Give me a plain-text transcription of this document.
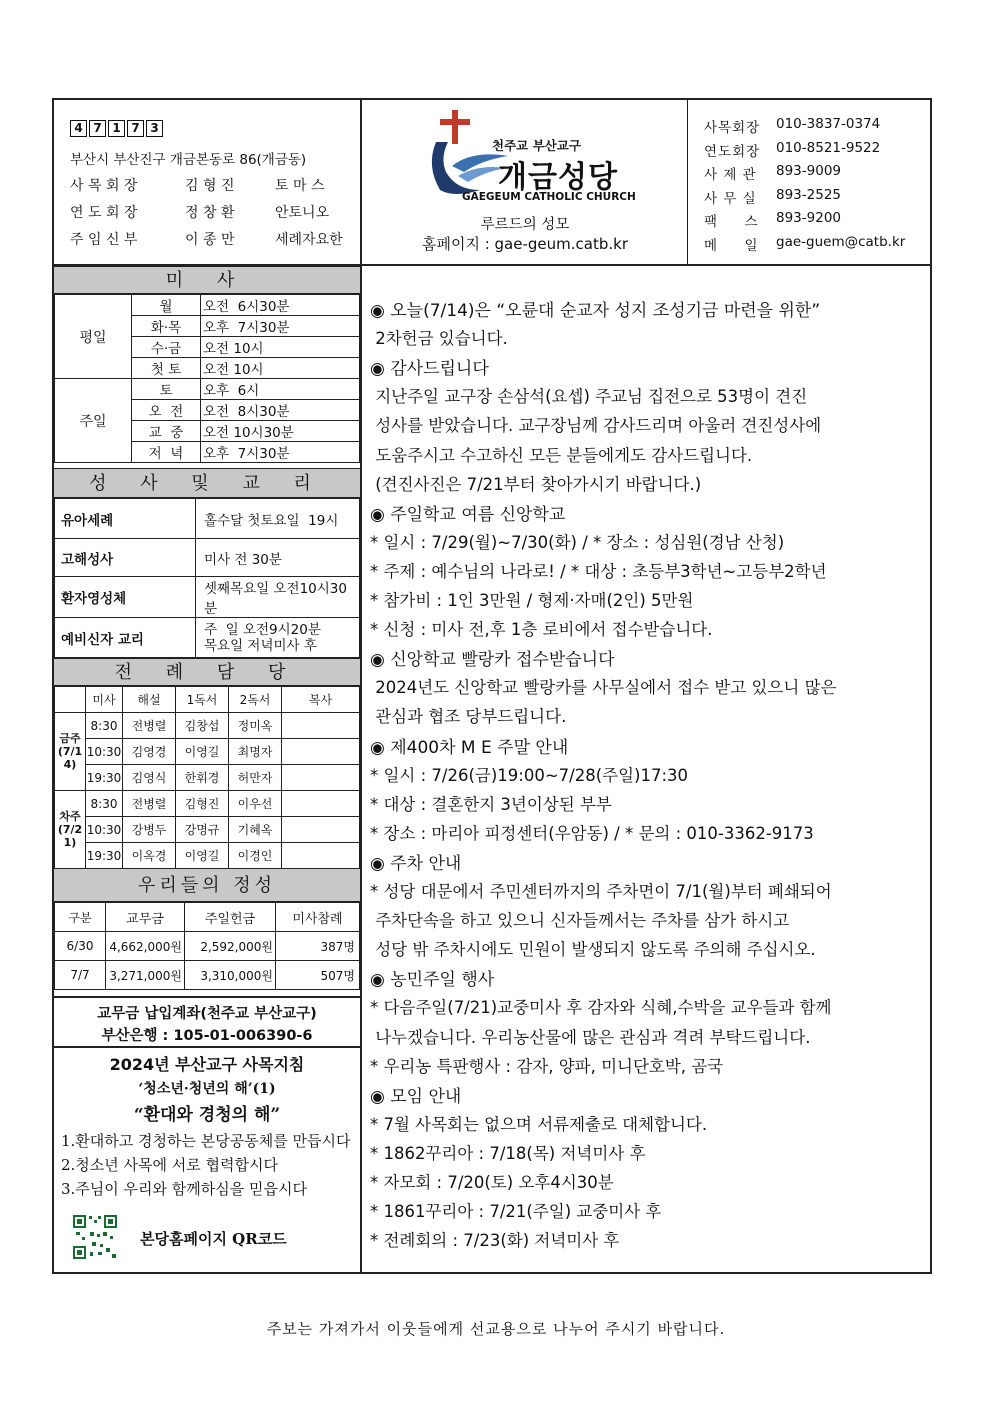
4 7 1 7 3
부산시 부산진구 개금본동로 86(개금동)
사 목 회 장	김 형 진	토 마 스
연 도 회 장	정 창 환	안토니오
주 임 신 부	이 종 만	세례자요한
천주교 부산교구
개금성당
GAEGEUM CATHOLIC CHURCH
루르드의 성모
홈페이지 : gae-geum.catb.kr
사목회장	010-3837-0374
연도회장	010-8521-9522
사 제 관	893-9009
사 무 실	893-2525
팩     스	893-9200
메     일	gae-guem@catb.kr
미 사
평일	월	오전  6시30분
	화·목	오후  7시30분
	수·금	오전 10시
	첫 토	오전 10시
주일	토	오후  6시
	오  전	오전  8시30분
	교  중	오전 10시30분
	저  녁	오후  7시30분
성 사 및 교 리
유아세례	홀수달 첫토요일  19시
고해성사	미사 전 30분
환자영성체	셋째목요일 오전10시30분
예비신자 교리	주  일 오전9시20분
목요일 저녁미사 후
전 례 담 당
	미사	해설	1독서	2독서	복사
금주(7/14)	8:30	전병렬	김창섭	정미옥	
	10:30	김영경	이영길	최명자	
	19:30	김영식	한휘경	허만자	
차주(7/21)	8:30	전병렬	김형진	이우선	
	10:30	강병두	강명규	기혜옥	
	19:30	이옥경	이영길	이경인	
우리들의 정성
구분	교무금	주일헌금	미사참례
6/30	4,662,000원	2,592,000원	387명
7/7	3,271,000원	3,310,000원	507명
교무금 납입계좌(천주교 부산교구)
부산은행 : 105-01-006390-6
2024년 부산교구 사목지침
‘청소년·청년의 해’(1)
“환대와 경청의 해”
1.환대하고 경청하는 본당공동체를 만듭시다
2.청소년 사목에 서로 협력합시다
3.주님이 우리와 함께하심을 믿읍시다
본당홈페이지 QR코드
◉ 오늘(7/14)은 “오륜대 순교자 성지 조성기금 마련을 위한”
2차헌금 있습니다.
◉ 감사드립니다
지난주일 교구장 손삼석(요셉) 주교님 집전으로 53명이 견진
성사를 받았습니다. 교구장님께 감사드리며 아울러 견진성사에
도움주시고 수고하신 모든 분들에게도 감사드립니다.
(견진사진은 7/21부터 찾아가시기 바랍니다.)
◉ 주일학교 여름 신앙학교
* 일시 : 7/29(월)~7/30(화) / * 장소 : 성심원(경남 산청)
* 주제 : 예수님의 나라로! / * 대상 : 초등부3학년~고등부2학년
* 참가비 : 1인 3만원 / 형제·자매(2인) 5만원
* 신청 : 미사 전,후 1층 로비에서 접수받습니다.
◉ 신앙학교 빨랑카 접수받습니다
2024년도 신앙학교 빨랑카를 사무실에서 접수 받고 있으니 많은
관심과 협조 당부드립니다.
◉ 제400차 M E 주말 안내
* 일시 : 7/26(금)19:00~7/28(주일)17:30
* 대상 : 결혼한지 3년이상된 부부
* 장소 : 마리아 피정센터(우암동) / * 문의 : 010-3362-9173
◉ 주차 안내
* 성당 대문에서 주민센터까지의 주차면이 7/1(월)부터 폐쇄되어
주차단속을 하고 있으니 신자들께서는 주차를 삼가 하시고
성당 밖 주차시에도 민원이 발생되지 않도록 주의해 주십시오.
◉ 농민주일 행사
* 다음주일(7/21)교중미사 후 감자와 식혜,수박을 교우들과 함께
나누겠습니다. 우리농산물에 많은 관심과 격려 부탁드립니다.
* 우리농 특판행사 : 감자, 양파, 미니단호박, 곰국
◉ 모임 안내
* 7월 사목회는 없으며 서류제출로 대체합니다.
* 1862꾸리아 : 7/18(목) 저녁미사 후
* 자모회 : 7/20(토) 오후4시30분
* 1861꾸리아 : 7/21(주일) 교중미사 후
* 전례회의 : 7/23(화) 저녁미사 후
주보는 가져가서 이웃들에게 선교용으로 나누어 주시기 바랍니다.
